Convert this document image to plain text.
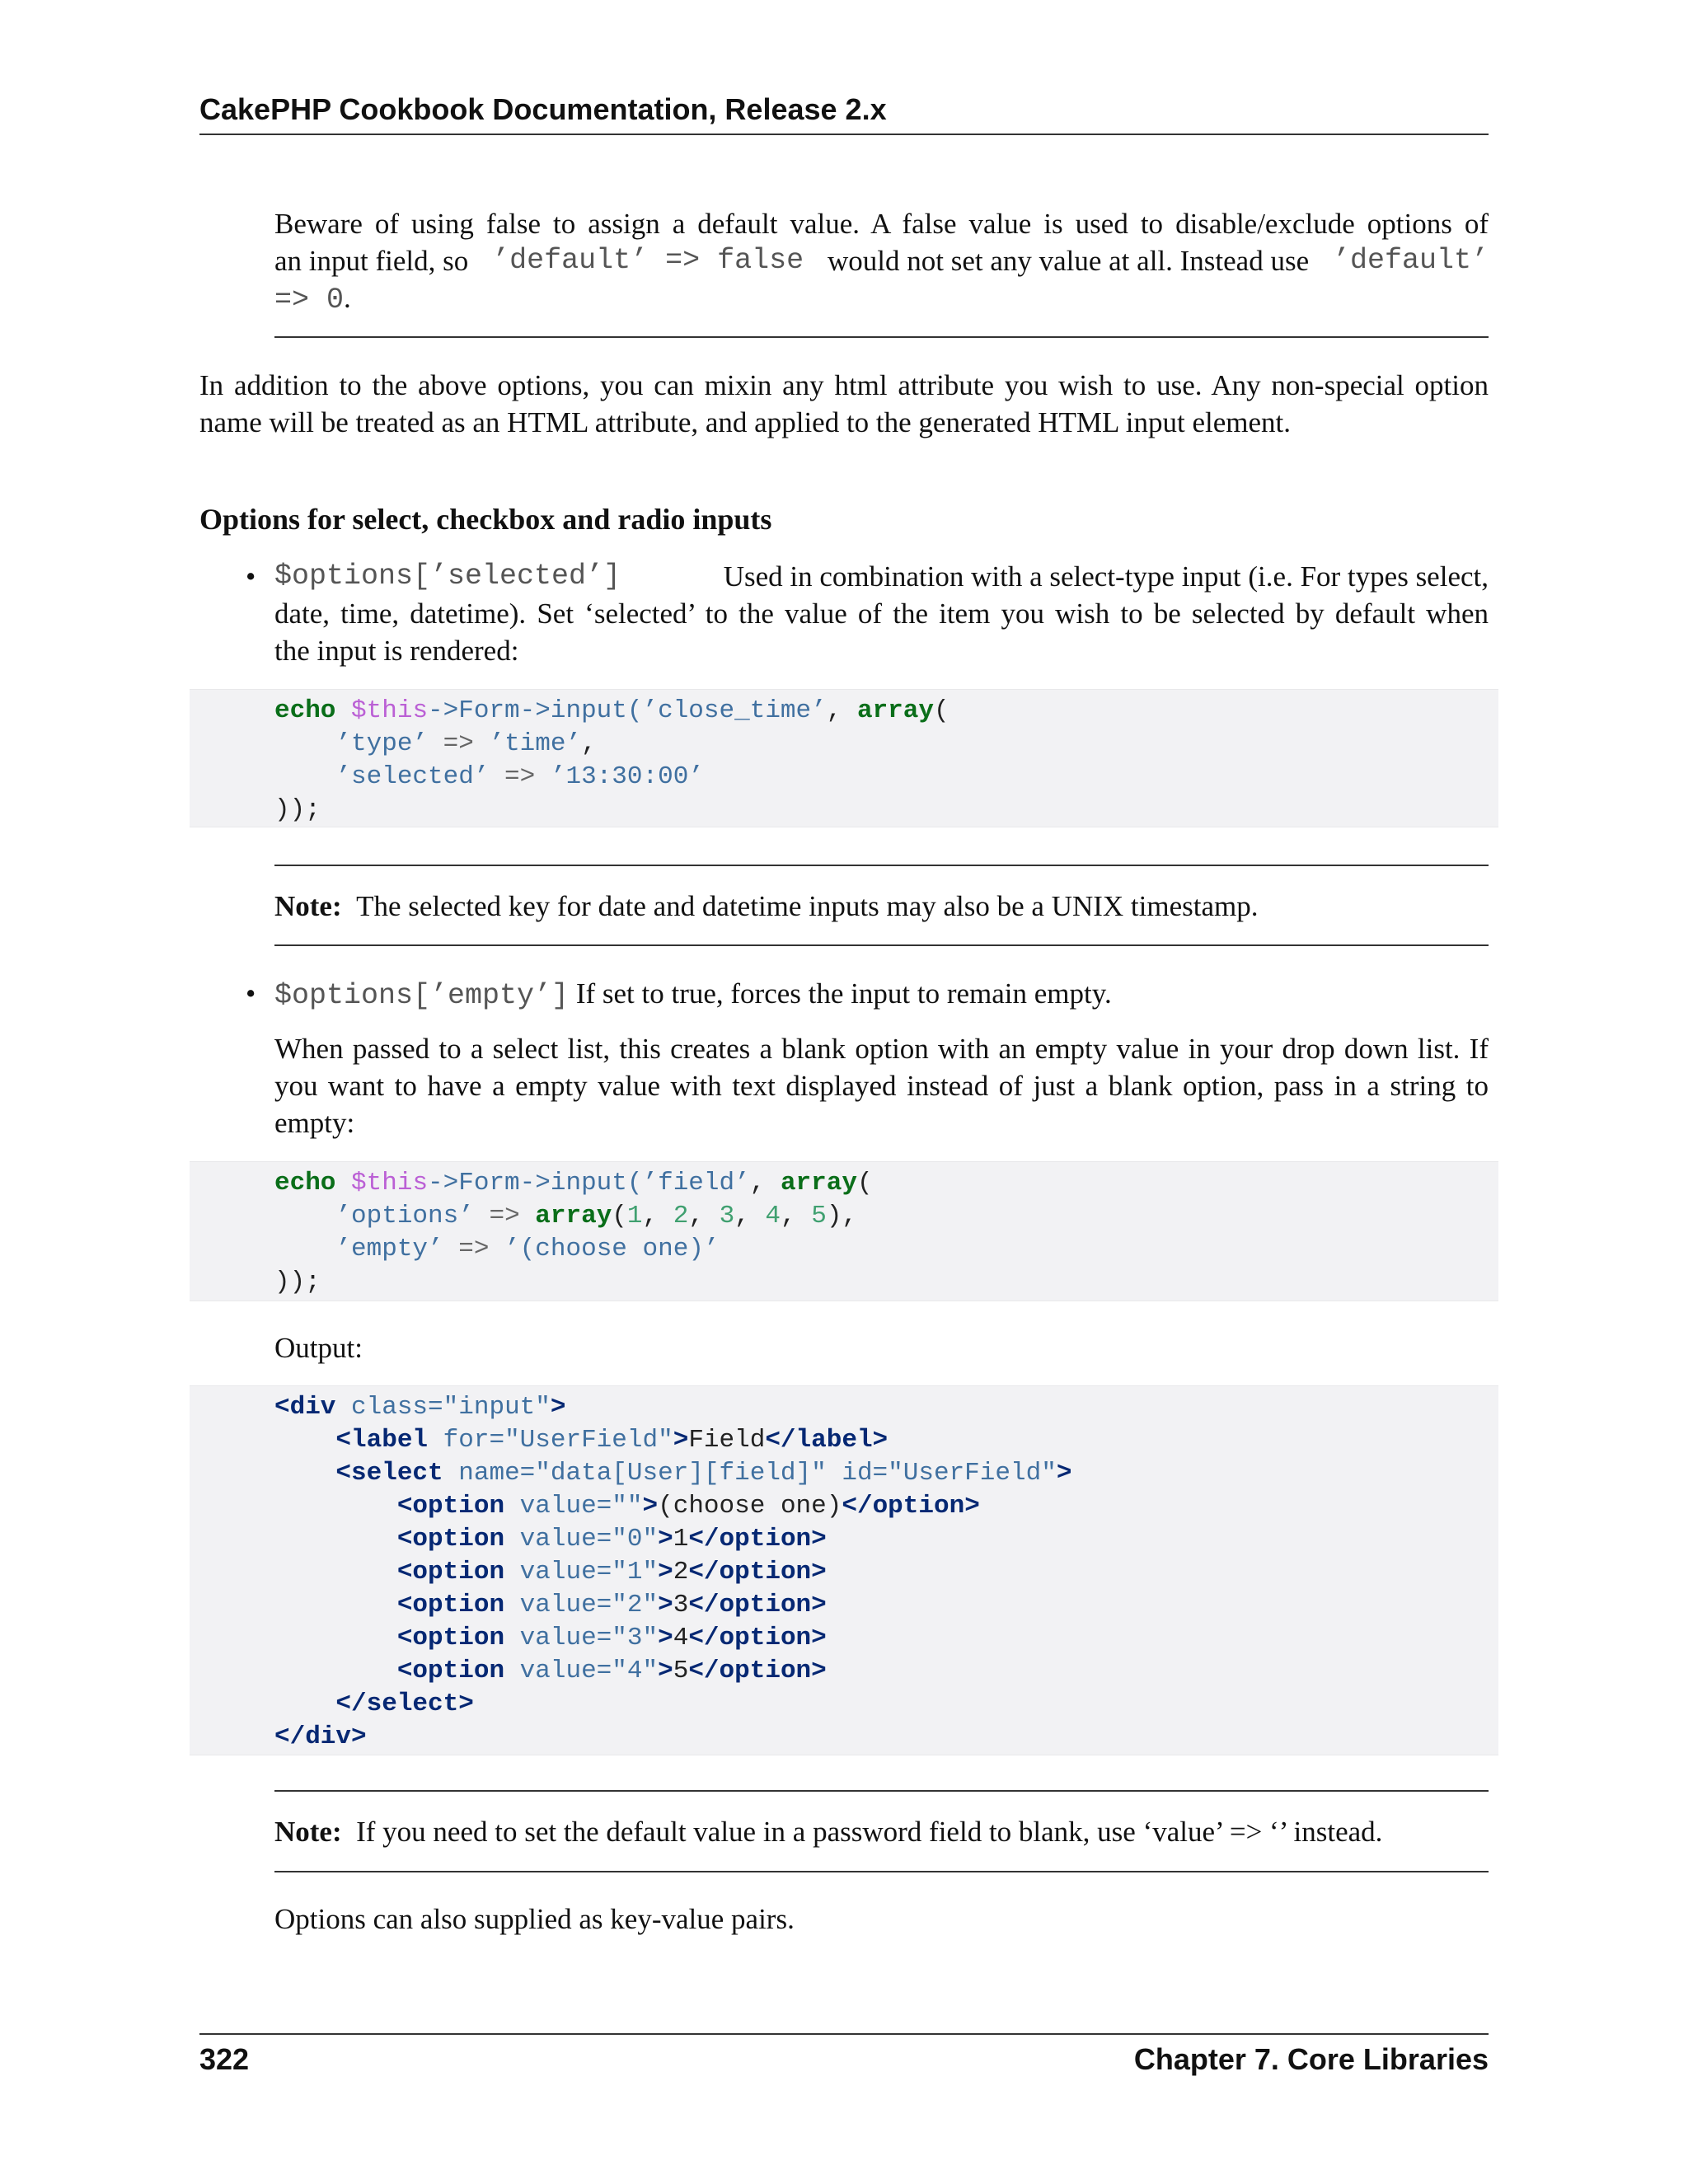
CakePHP Cookbook Documentation, Release 2.x
Beware of using false to assign a default value. A false value is used to disable/exclude options of
an input field, so ’default’ => false would not set any value at all. Instead use ’default’
=> 0.
In addition to the above options, you can mixin any html attribute you wish to use. Any non-special option
name will be treated as an HTML attribute, and applied to the generated HTML input element.
Options for select, checkbox and radio inputs
• $options[’selected’]	Used in combination with a select-type input (i.e. For types select,
date, time, datetime). Set ‘selected’ to the value of the item you wish to be selected by default when
the input is rendered:
echo $this->Form->input(’close_time’, array(
’type’ => ’time’,
’selected’ => ’13:30:00’
));
Note: The selected key for date and datetime inputs may also be a UNIX timestamp.
• $options[’empty’] If set to true, forces the input to remain empty.
When passed to a select list, this creates a blank option with an empty value in your drop down list. If
you want to have a empty value with text displayed instead of just a blank option, pass in a string to
empty:
echo $this->Form->input(’field’, array(
’options’ => array(1, 2, 3, 4, 5),
’empty’ => ’(choose one)’
));
Output:
<div class="input">
<label for="UserField">Field</label>
<select name="data[User][field]" id="UserField">
<option value="">(choose one)</option>
<option value="0">1</option>
<option value="1">2</option>
<option value="2">3</option>
<option value="3">4</option>
<option value="4">5</option>
</select>
</div>
Note: If you need to set the default value in a password field to blank, use ‘value’ => ‘’ instead.
Options can also supplied as key-value pairs.
322	Chapter 7. Core Libraries
